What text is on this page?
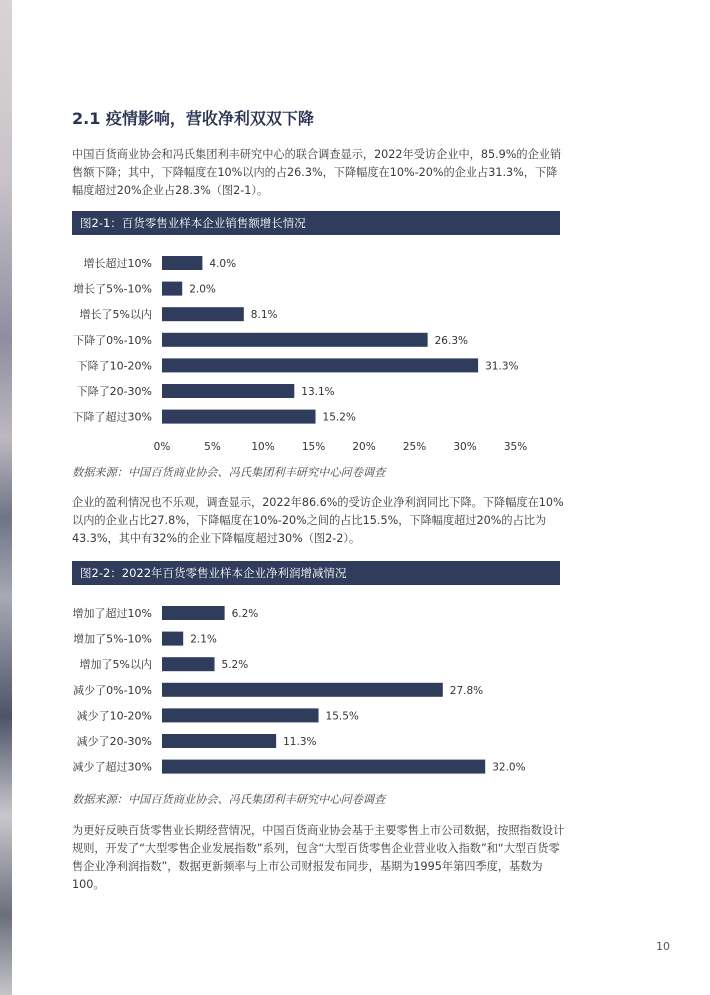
2.1 疫情影响，营收净利双双下降

中国百货商业协会和冯氏集团利丰研究中心的联合调查显示，2022年受访企业中，85.9%的企业销售额下降；其中，下降幅度在10%以内的占26.3%，下降幅度在10%-20%的企业占31.3%，下降幅度超过20%企业占28.3%（图2-1）。

图2-1：百货零售业样本企业销售额增长情况
增长超过10%	4.0%
增长了5%-10%	2.0%
增长了5%以内	8.1%
下降了0%-10%	26.3%
下降了10-20%	31.3%
下降了20-30%	13.1%
下降了超过30%	15.2%
0%	5%	10%	15%	20%	25%	30%	35%

数据来源：中国百货商业协会、冯氏集团利丰研究中心问卷调查

企业的盈利情况也不乐观，调查显示，2022年86.6%的受访企业净利润同比下降。下降幅度在10%以内的企业占比27.8%，下降幅度在10%-20%之间的占比15.5%，下降幅度超过20%的占比为43.3%，其中有32%的企业下降幅度超过30%（图2-2）。

图2-2：2022年百货零售业样本企业净利润增减情况
增加了超过10%	6.2%
增加了5%-10%	2.1%
增加了5%以内	5.2%
减少了0%-10%	27.8%
减少了10-20%	15.5%
减少了20-30%	11.3%
减少了超过30%	32.0%

数据来源：中国百货商业协会、冯氏集团利丰研究中心问卷调查

为更好反映百货零售业长期经营情况，中国百货商业协会基于主要零售上市公司数据，按照指数设计规则，开发了“大型零售企业发展指数”系列，包含“大型百货零售企业营业收入指数”和“大型百货零售企业净利润指数”，数据更新频率与上市公司财报发布同步，基期为1995年第四季度，基数为100。

10
